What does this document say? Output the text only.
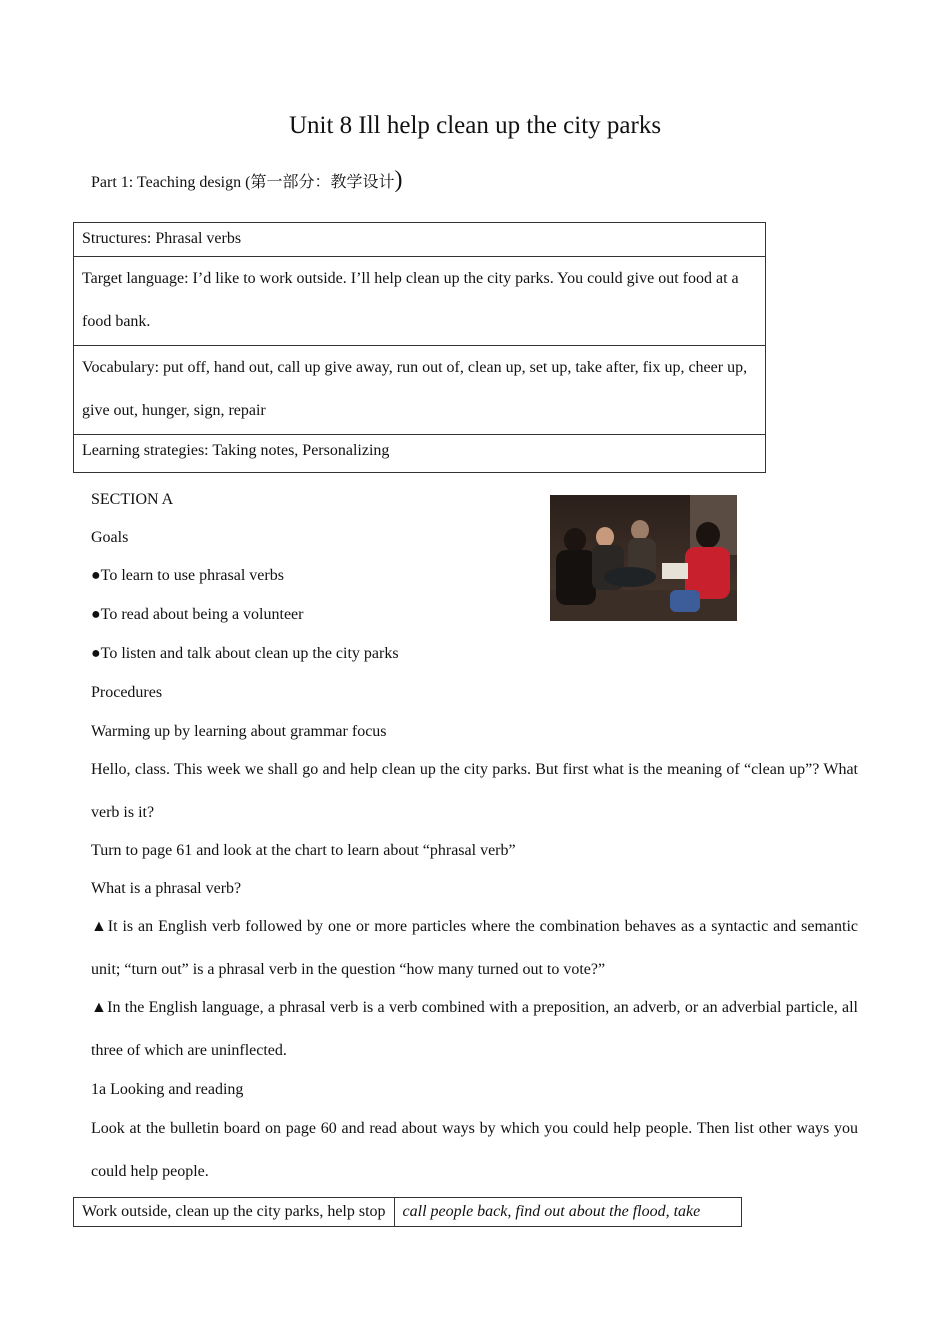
Unit 8 Ill help clean up the city parks
Part 1: Teaching design (第一部分：教学设计)
Structures: Phrasal verbs
Target language: I’d like to work outside. I’ll help clean up the city parks. You could give out food at a food bank.
Vocabulary: put off, hand out, call up give away, run out of, clean up, set up, take after, fix up, cheer up, give out, hunger, sign, repair
Learning strategies: Taking notes, Personalizing
SECTION A
Goals
●To learn to use phrasal verbs
●To read about being a volunteer
●To listen and talk about clean up the city parks
Procedures
Warming up by learning about grammar focus
Hello, class. This week we shall go and help clean up the city parks. But first what is the meaning of “clean up”? What verb is it?
Turn to page 61 and look at the chart to learn about “phrasal verb”
What is a phrasal verb?
▲It is an English verb followed by one or more particles where the combination behaves as a syntactic and semantic unit; “turn out” is a phrasal verb in the question “how many turned out to vote?”
▲In the English language, a phrasal verb is a verb combined with a preposition, an adverb, or an adverbial particle, all three of which are uninflected.
1a Looking and reading
Look at the bulletin board on page 60 and read about ways by which you could help people. Then list other ways you could help people.
Work outside, clean up the city parks, help stop	call people back, find out about the flood, take
